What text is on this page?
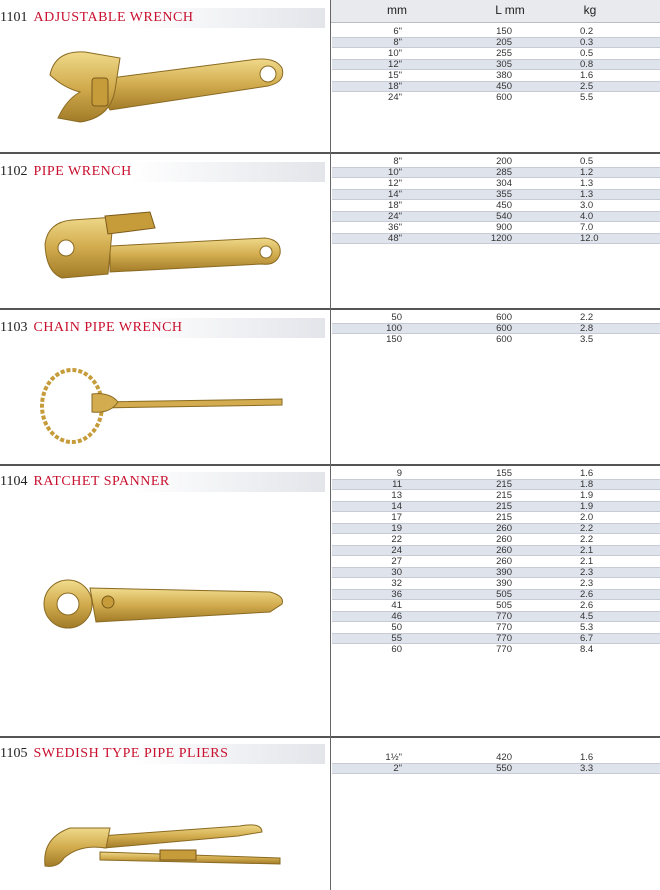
mm	L mm	kg
1101 ADJUSTABLE WRENCH
1102 PIPE WRENCH
1103 CHAIN PIPE WRENCH
1104 RATCHET SPANNER
1105 SWEDISH TYPE PIPE PLIERS
6"	150	0.2
8"	205	0.3
10"	255	0.5
12"	305	0.8
15"	380	1.6
18"	450	2.5
24"	600	5.5
8"	200	0.5
10"	285	1.2
12"	304	1.3
14"	355	1.3
18"	450	3.0
24"	540	4.0
36"	900	7.0
48"	1200	12.0
50	600	2.2
100	600	2.8
150	600	3.5
9	155	1.6
11	215	1.8
13	215	1.9
14	215	1.9
17	215	2.0
19	260	2.2
22	260	2.2
24	260	2.1
27	260	2.1
30	390	2.3
32	390	2.3
36	505	2.6
41	505	2.6
46	770	4.5
50	770	5.3
55	770	6.7
60	770	8.4
1½"	420	1.6
2"	550	3.3
